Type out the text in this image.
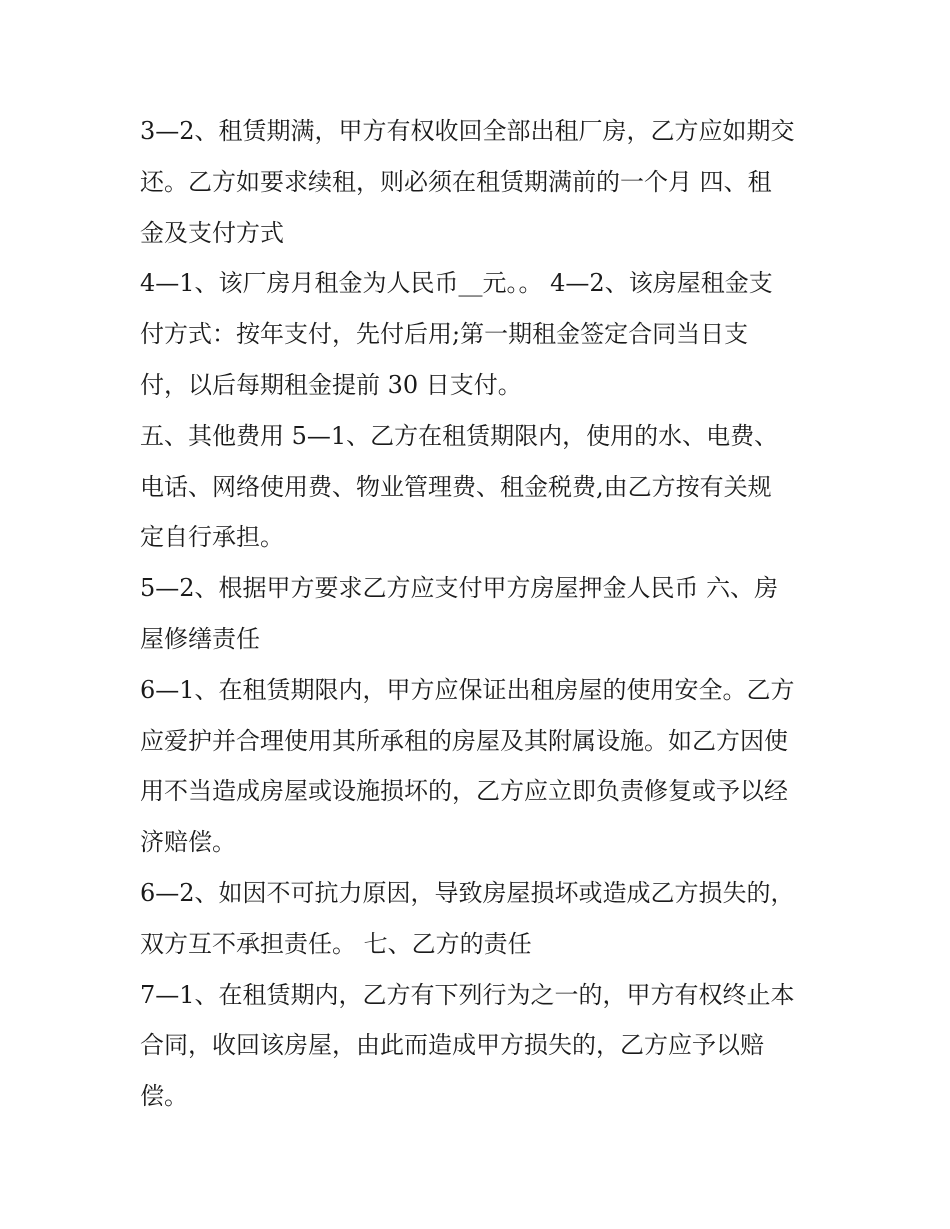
3—2、租赁期满，甲方有权收回全部出租厂房，乙方应如期交
还。乙方如要求续租，则必须在租赁期满前的一个月 四、租
金及支付方式

4—1、该厂房月租金为人民币__元。。 4—2、该房屋租金支
付方式：按年支付，先付后用;第一期租金签定合同当日支
付，以后每期租金提前 30 日支付。

五、其他费用 5—1、乙方在租赁期限内，使用的水、电费、
电话、网络使用费、物业管理费、租金税费,由乙方按有关规
定自行承担。

5—2、根据甲方要求乙方应支付甲方房屋押金人民币 六、房
屋修缮责任

6—1、在租赁期限内，甲方应保证出租房屋的使用安全。乙方
应爱护并合理使用其所承租的房屋及其附属设施。如乙方因使
用不当造成房屋或设施损坏的，乙方应立即负责修复或予以经
济赔偿。

6—2、如因不可抗力原因，导致房屋损坏或造成乙方损失的，
双方互不承担责任。 七、乙方的责任

7—1、在租赁期内，乙方有下列行为之一的，甲方有权终止本
合同，收回该房屋，由此而造成甲方损失的，乙方应予以赔
偿。
